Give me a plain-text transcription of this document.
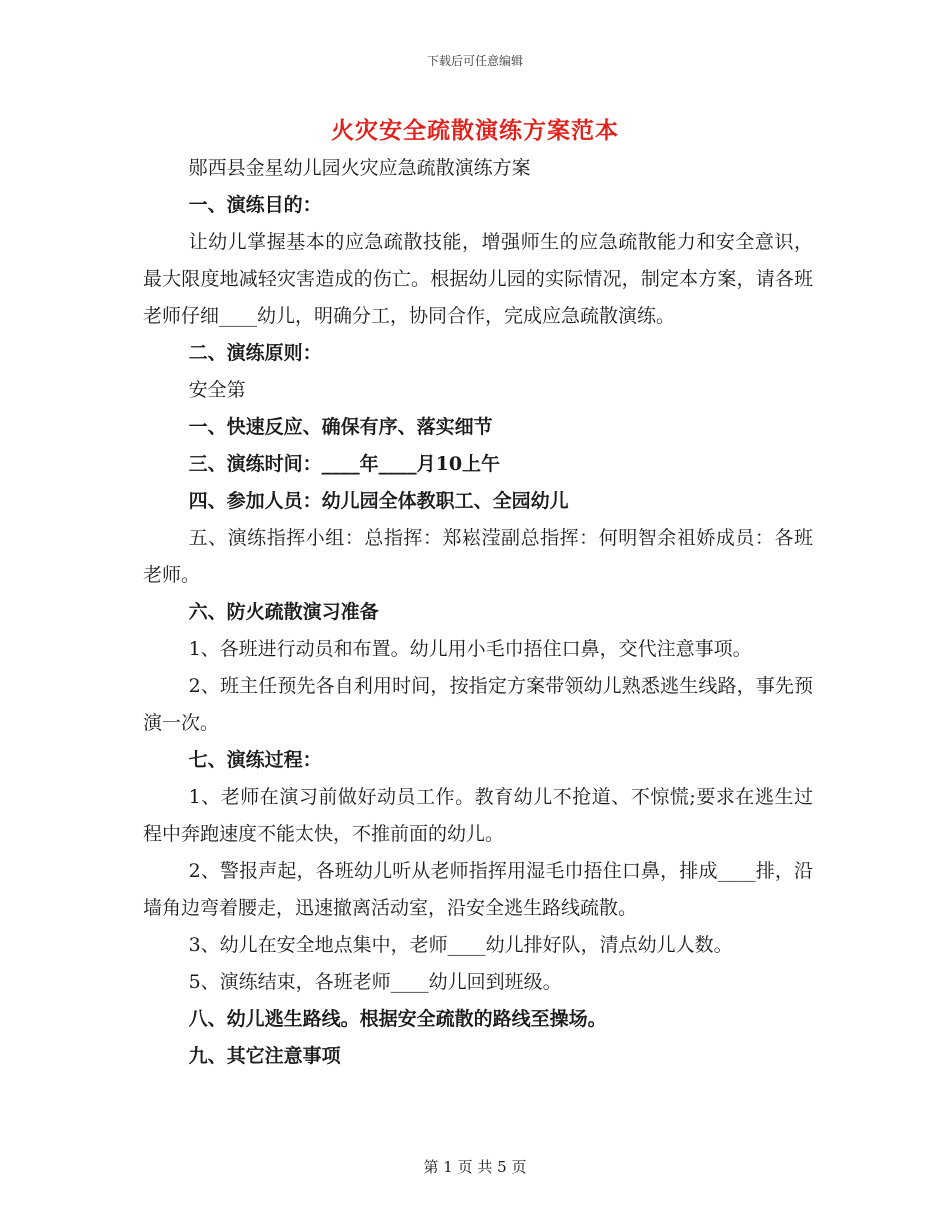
下载后可任意编辑
火灾安全疏散演练方案范本

郧西县金星幼儿园火灾应急疏散演练方案

一、演练目的：

让幼儿掌握基本的应急疏散技能，增强师生的应急疏散能力和安全意识，最大限度地减轻灾害造成的伤亡。根据幼儿园的实际情况，制定本方案，请各班老师仔细____幼儿，明确分工，协同合作，完成应急疏散演练。

二、演练原则：

安全第

一、快速反应、确保有序、落实细节

三、演练时间：____年____月10上午

四、参加人员：幼儿园全体教职工、全园幼儿

五、演练指挥小组：总指挥：郑崧滢副总指挥：何明智余祖娇成员：各班老师。

六、防火疏散演习准备

1、各班进行动员和布置。幼儿用小毛巾捂住口鼻，交代注意事项。

2、班主任预先各自利用时间，按指定方案带领幼儿熟悉逃生线路，事先预演一次。

七、演练过程：

1、老师在演习前做好动员工作。教育幼儿不抢道、不惊慌;要求在逃生过程中奔跑速度不能太快，不推前面的幼儿。

2、警报声起，各班幼儿听从老师指挥用湿毛巾捂住口鼻，排成____排，沿墙角边弯着腰走，迅速撤离活动室，沿安全逃生路线疏散。

3、幼儿在安全地点集中，老师____幼儿排好队，清点幼儿人数。

5、演练结束，各班老师____幼儿回到班级。

八、幼儿逃生路线。根据安全疏散的路线至操场。

九、其它注意事项

第 1 页 共 5 页
